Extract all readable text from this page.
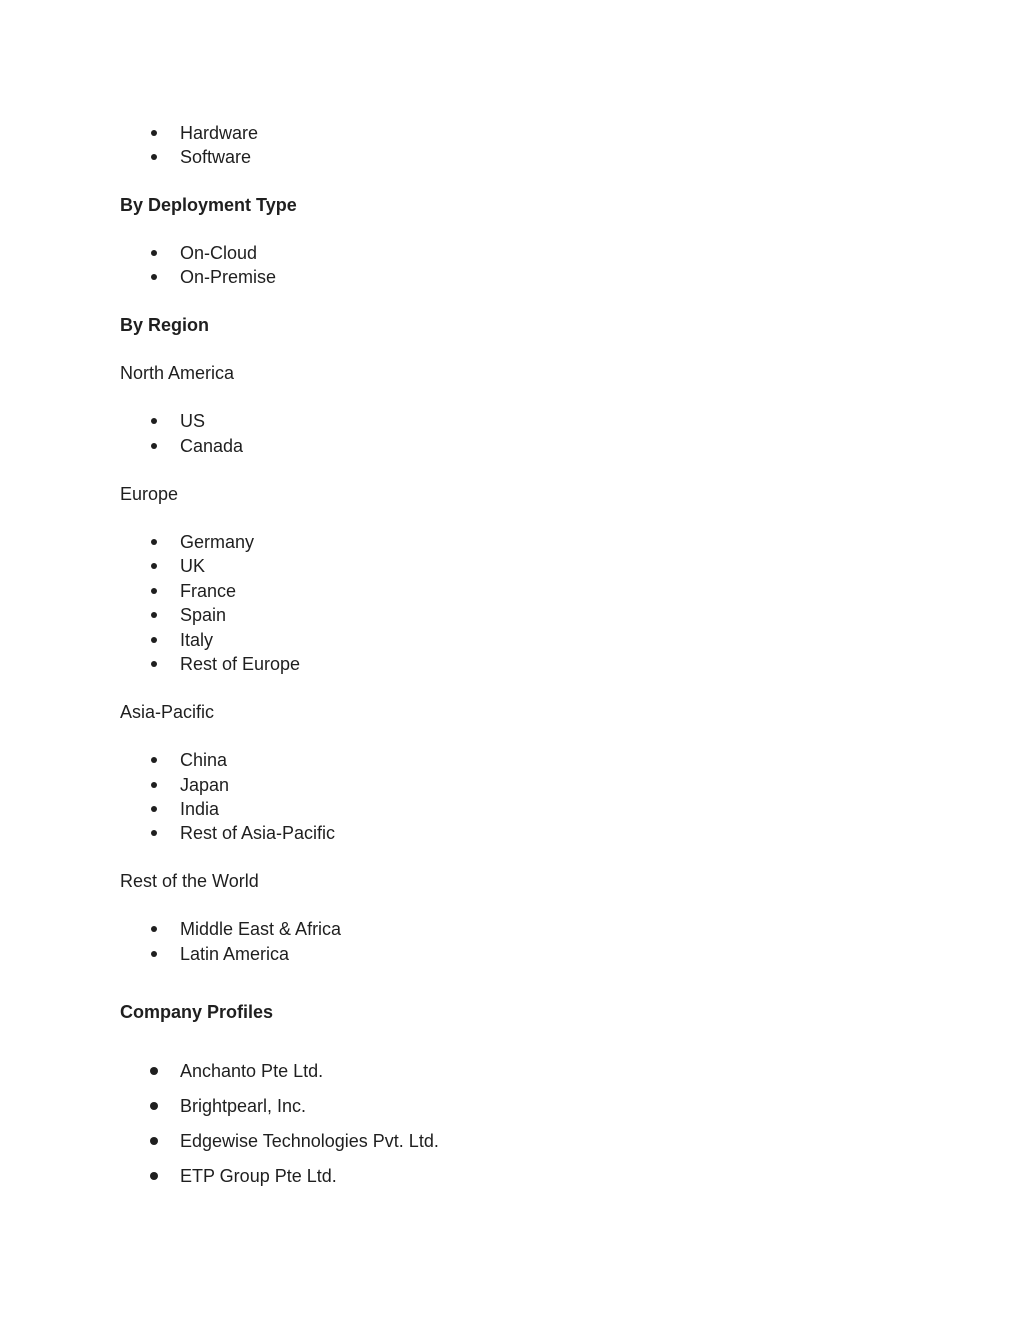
Hardware
Software
By Deployment Type
On-Cloud
On-Premise
By Region
North America
US
Canada
Europe
Germany
UK
France
Spain
Italy
Rest of Europe
Asia-Pacific
China
Japan
India
Rest of Asia-Pacific
Rest of the World
Middle East & Africa
Latin America
Company Profiles
Anchanto Pte Ltd.
Brightpearl, Inc.
Edgewise Technologies Pvt. Ltd.
ETP Group Pte Ltd.
